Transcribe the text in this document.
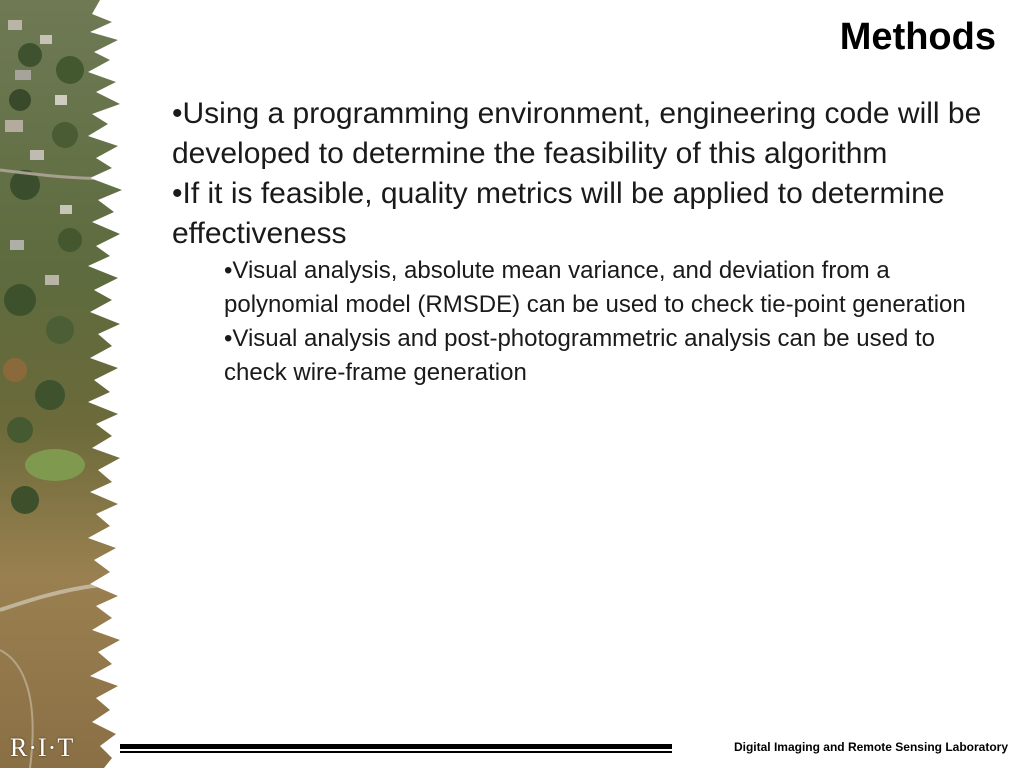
R·I·T
Methods

•Using a programming environment, engineering code will be developed to determine the feasibility of this algorithm

•If it is feasible, quality metrics will be applied to determine effectiveness

•Visual analysis, absolute mean variance, and deviation from a polynomial model (RMSDE) can be used to check tie-point generation

•Visual analysis and post-photogrammetric analysis can be used to check wire-frame generation

Digital Imaging and Remote Sensing Laboratory
